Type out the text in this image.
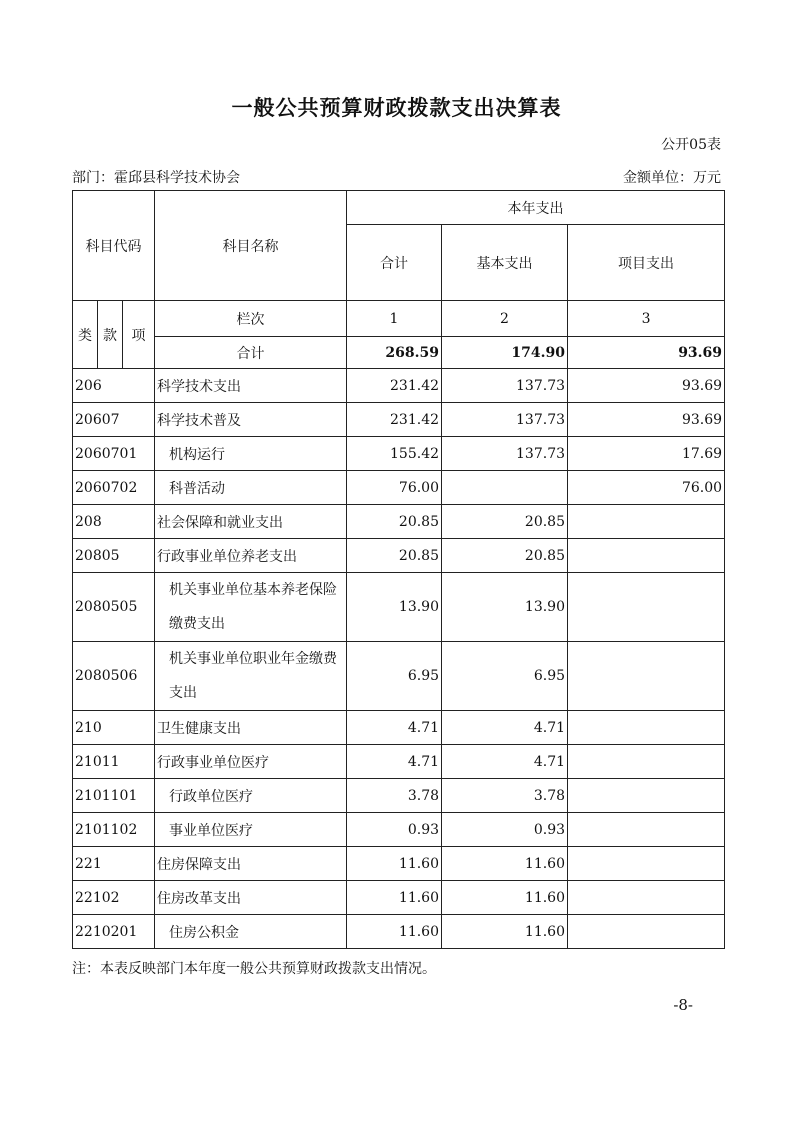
一般公共预算财政拨款支出决算表
公开05表
部门：霍邱县科学技术协会	金额单位：万元
科目代码			科目名称	本年支出		
				合计	基本支出	项目支出
类	款	项	栏次	1	2	3
			合计	268.59	174.90	93.69
206			科学技术支出	231.42	137.73	93.69
20607			科学技术普及	231.42	137.73	93.69
2060701			机构运行	155.42	137.73	17.69
2060702			科普活动	76.00		76.00
208			社会保障和就业支出	20.85	20.85	
20805			行政事业单位养老支出	20.85	20.85	
2080505			机关事业单位基本养老保险缴费支出	13.90	13.90	
2080506			机关事业单位职业年金缴费支出	6.95	6.95	
210			卫生健康支出	4.71	4.71	
21011			行政事业单位医疗	4.71	4.71	
2101101			行政单位医疗	3.78	3.78	
2101102			事业单位医疗	0.93	0.93	
221			住房保障支出	11.60	11.60	
22102			住房改革支出	11.60	11.60	
2210201			住房公积金	11.60	11.60	
注：本表反映部门本年度一般公共预算财政拨款支出情况。
-8-
